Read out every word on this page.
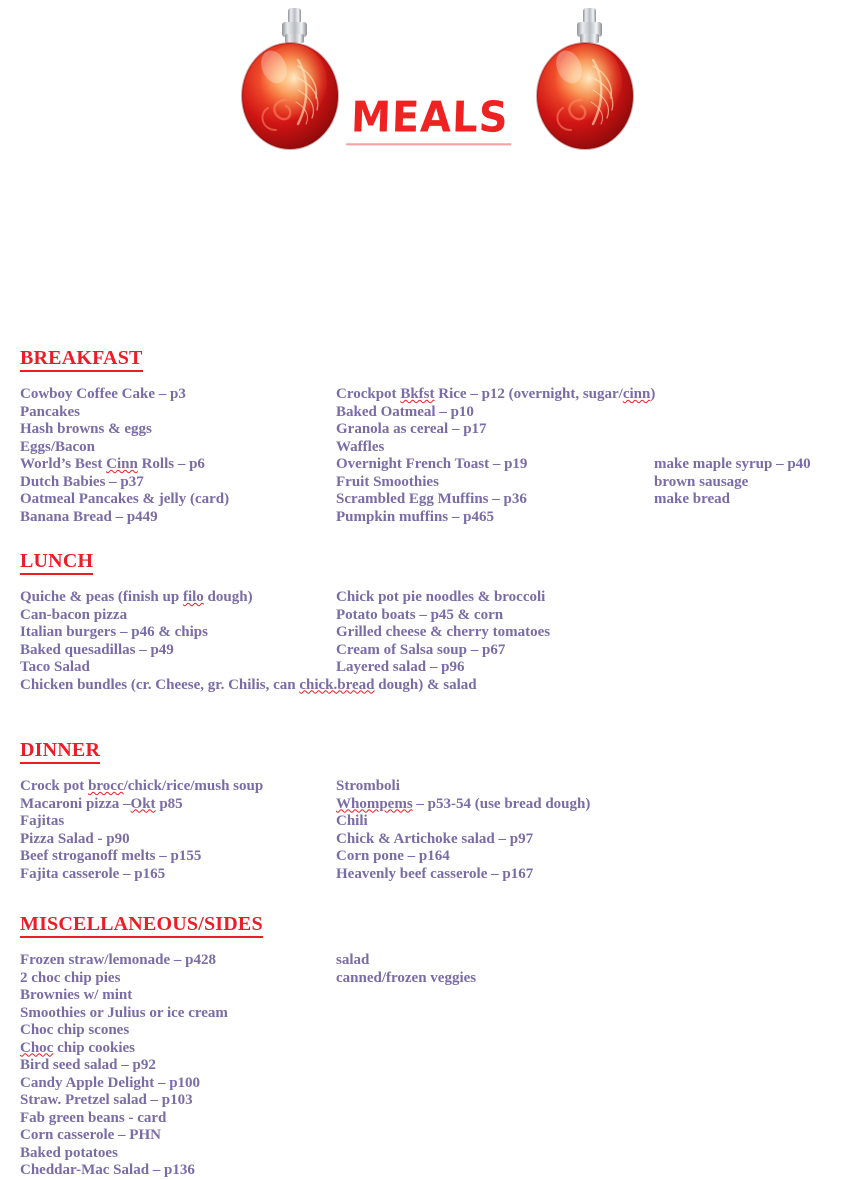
MEALS
BREAKFAST
Cowboy Coffee Cake – p3
Pancakes
Hash browns & eggs
Eggs/Bacon
World’s Best Cinn Rolls – p6
Dutch Babies – p37
Oatmeal Pancakes & jelly (card)
Banana Bread – p449
Crockpot Bkfst Rice – p12 (overnight, sugar/cinn)
Baked Oatmeal – p10
Granola as cereal – p17
Waffles
Overnight French Toast – p19
Fruit Smoothies
Scrambled Egg Muffins – p36
Pumpkin muffins – p465

make maple syrup – p40
brown sausage
make bread
LUNCH
Quiche & peas (finish up filo dough)
Can-bacon pizza
Italian burgers – p46 & chips
Baked quesadillas – p49
Taco Salad
Chicken bundles (cr. Cheese, gr. Chilis, can chick.bread dough) & salad
Chick pot pie noodles & broccoli
Potato boats – p45 & corn
Grilled cheese & cherry tomatoes
Cream of Salsa soup – p67
Layered salad – p96
DINNER
Crock pot brocc/chick/rice/mush soup
Macaroni pizza –Okt p85
Fajitas
Pizza Salad - p90
Beef stroganoff melts – p155
Fajita casserole – p165
Stromboli
Whompems – p53-54 (use bread dough)
Chili
Chick & Artichoke salad – p97
Corn pone – p164
Heavenly beef casserole – p167
MISCELLANEOUS/SIDES
Frozen straw/lemonade – p428
2 choc chip pies
Brownies w/ mint
Smoothies or Julius or ice cream
Choc chip scones
Choc chip cookies
Bird seed salad – p92
Candy Apple Delight – p100
Straw. Pretzel salad – p103
Fab green beans - card
Corn casserole – PHN
Baked potatoes
Cheddar-Mac Salad – p136
salad
canned/frozen veggies
